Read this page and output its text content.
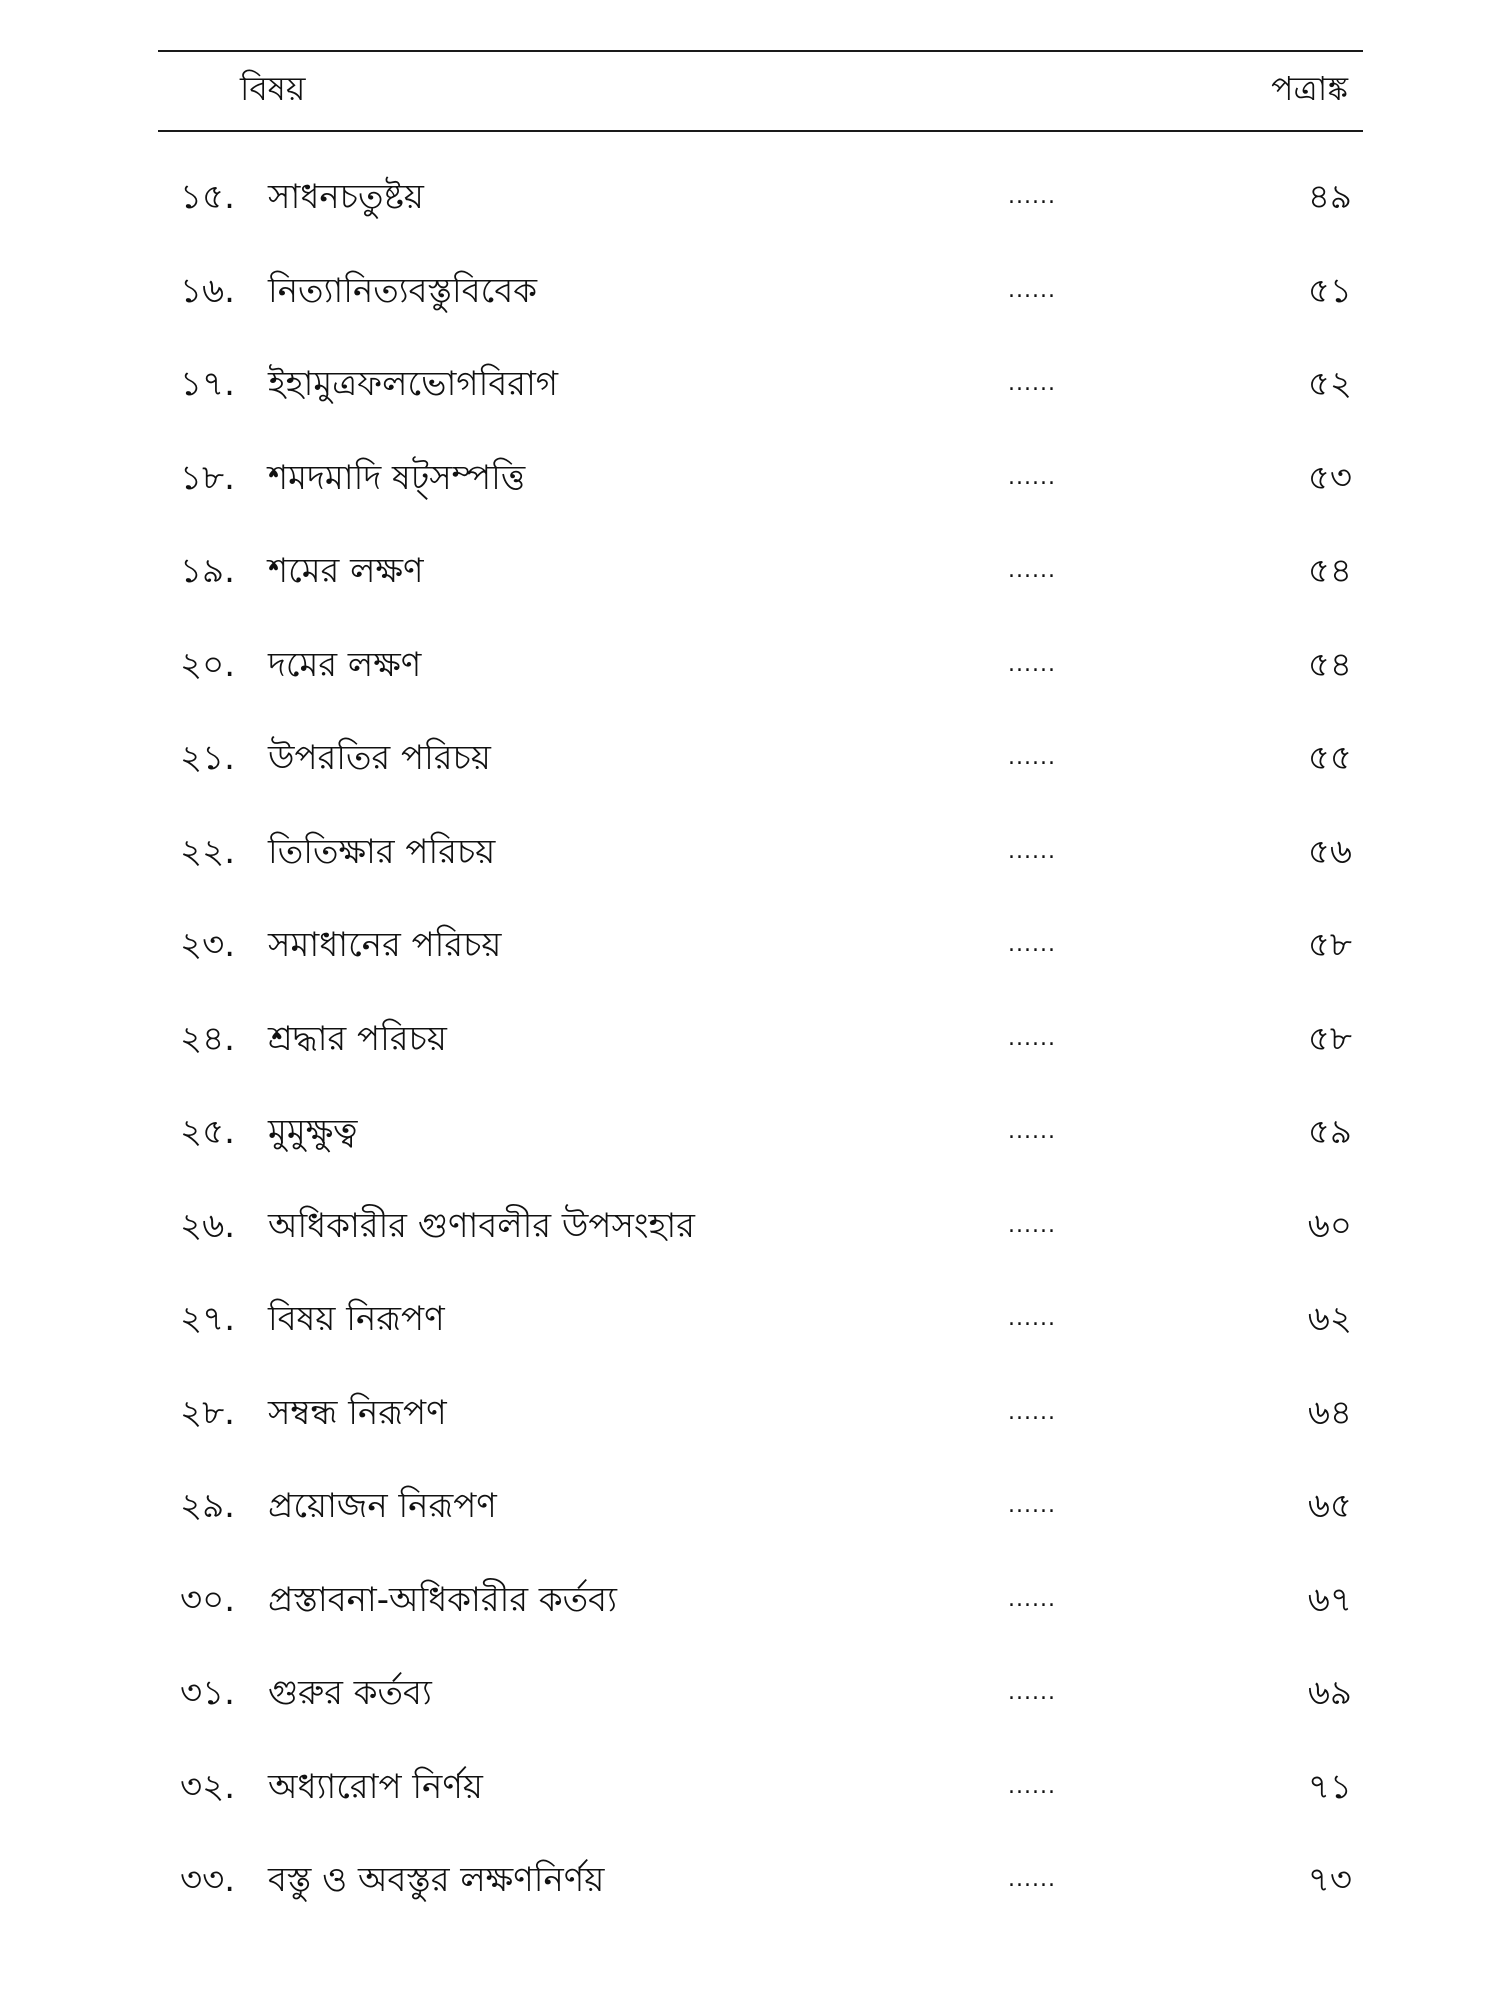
বিষয়	পত্রাঙ্ক
১৫. সাধনচতুষ্টয়	......	৪৯
১৬. নিত্যানিত্যবস্তুবিবেক	......	৫১
১৭. ইহামুত্রফলভোগবিরাগ	......	৫২
১৮. শমদমাদি ষট্‌সম্পত্তি	......	৫৩
১৯. শমের লক্ষণ	......	৫৪
২০. দমের লক্ষণ	......	৫৪
২১. উপরতির পরিচয়	......	৫৫
২২. তিতিক্ষার পরিচয়	......	৫৬
২৩. সমাধানের পরিচয়	......	৫৮
২৪. শ্রদ্ধার পরিচয়	......	৫৮
২৫. মুমুক্ষুত্ব	......	৫৯
২৬. অধিকারীর গুণাবলীর উপসংহার	......	৬০
২৭. বিষয় নিরূপণ	......	৬২
২৮. সম্বন্ধ নিরূপণ	......	৬৪
২৯. প্রয়োজন নিরূপণ	......	৬৫
৩০. প্রস্তাবনা-অধিকারীর কর্তব্য	......	৬৭
৩১. গুরুর কর্তব্য	......	৬৯
৩২. অধ্যারোপ নির্ণয়	......	৭১
৩৩. বস্তু ও অবস্তুর লক্ষণনির্ণয়	......	৭৩
